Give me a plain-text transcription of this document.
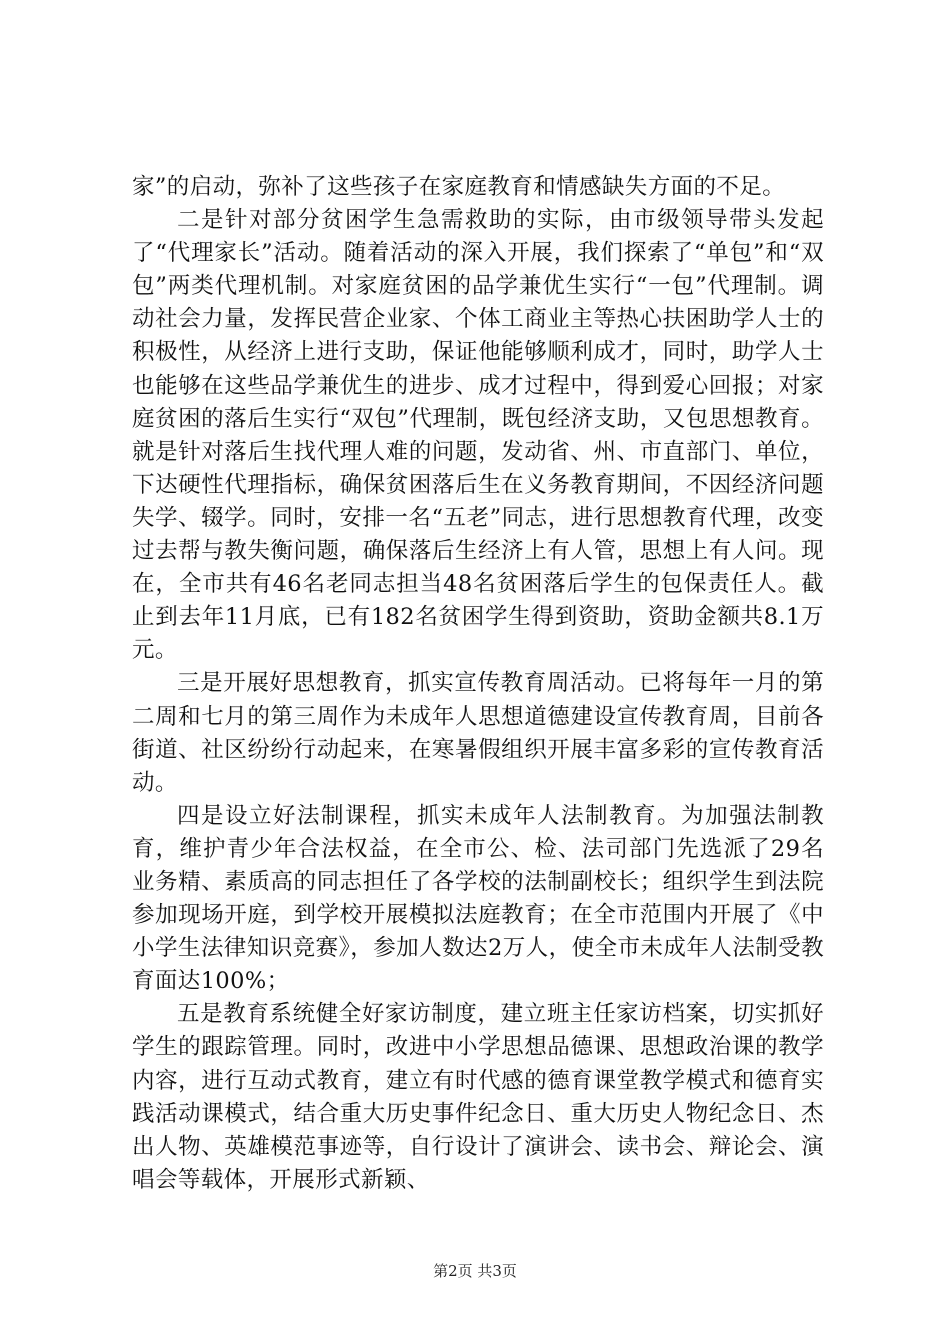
家”的启动，弥补了这些孩子在家庭教育和情感缺失方面的不足。

二是针对部分贫困学生急需救助的实际，由市级领导带头发起了“代理家长”活动。随着活动的深入开展，我们探索了“单包”和“双包”两类代理机制。对家庭贫困的品学兼优生实行“一包”代理制。调动社会力量，发挥民营企业家、个体工商业主等热心扶困助学人士的积极性，从经济上进行支助，保证他能够顺利成才，同时，助学人士也能够在这些品学兼优生的进步、成才过程中，得到爱心回报；对家庭贫困的落后生实行“双包”代理制，既包经济支助，又包思想教育。就是针对落后生找代理人难的问题，发动省、州、市直部门、单位，下达硬性代理指标，确保贫困落后生在义务教育期间，不因经济问题失学、辍学。同时，安排一名“五老”同志，进行思想教育代理，改变过去帮与教失衡问题，确保落后生经济上有人管，思想上有人问。现在，全市共有46名老同志担当48名贫困落后学生的包保责任人。截止到去年11月底，已有182名贫困学生得到资助，资助金额共8.1万元。

三是开展好思想教育，抓实宣传教育周活动。已将每年一月的第二周和七月的第三周作为未成年人思想道德建设宣传教育周，目前各街道、社区纷纷行动起来，在寒暑假组织开展丰富多彩的宣传教育活动。

四是设立好法制课程，抓实未成年人法制教育。为加强法制教育，维护青少年合法权益，在全市公、检、法司部门先选派了29名业务精、素质高的同志担任了各学校的法制副校长；组织学生到法院参加现场开庭，到学校开展模拟法庭教育；在全市范围内开展了《中小学生法律知识竞赛》，参加人数达2万人，使全市未成年人法制受教育面达100%；

五是教育系统健全好家访制度，建立班主任家访档案，切实抓好学生的跟踪管理。同时，改进中小学思想品德课、思想政治课的教学内容，进行互动式教育，建立有时代感的德育课堂教学模式和德育实践活动课模式，结合重大历史事件纪念日、重大历史人物纪念日、杰出人物、英雄模范事迹等，自行设计了演讲会、读书会、辩论会、演唱会等载体，开展形式新颖、

第2页 共3页
